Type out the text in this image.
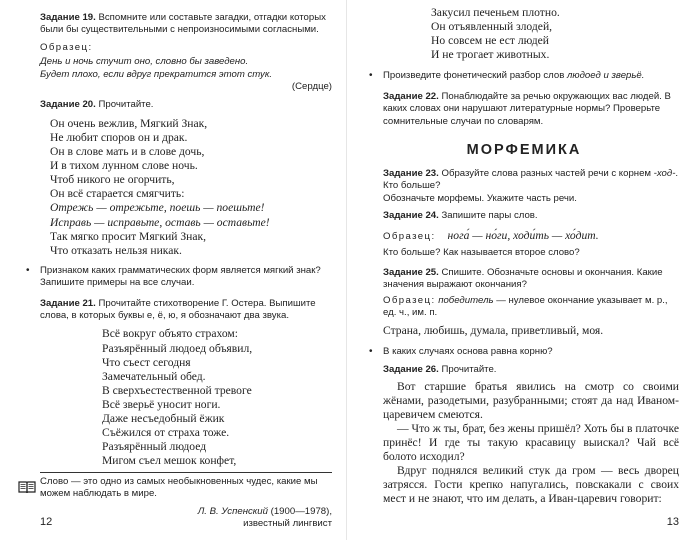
Задание 19. Вспомните или составьте загадки, отгадки которых были бы существительными с непроизносимыми согласными.
Образец:
День и ночь стучит оно, словно бы заведено.
Будет плохо, если вдруг прекратится этот стук.
(Сердце)
Задание 20. Прочитайте.
Он очень вежлив, Мягкий Знак,
Не любит споров он и драк.
Он в слове мать и в слове дочь,
И в тихом лунном слове ночь.
Чтоб никого не огорчить,
Он всё старается смягчить:
Отрежь — отрежьте, поешь — поешьте!
Исправь — исправьте, оставь — оставьте!
Так мягко просит Мягкий Знак,
Что отказать нельзя никак.
• Признаком каких грамматических форм является мягкий знак? Запишите примеры на все случаи.
Задание 21. Прочитайте стихотворение Г. Остера. Выпишите слова, в которых буквы е, ё, ю, я обозначают два звука.
Всё вокруг объято страхом:
Разъярённый людоед объявил,
Что съест сегодня
Замечательный обед.
В сверхъестественной тревоге
Всё зверьё уносит ноги.
Даже несъедобный ёжик
Съёжился от страха тоже.
Разъярённый людоед
Мигом съел мешок конфет,
Слово — это одно из самых необыкновенных чудес, какие мы можем наблюдать в мире.
Л. В. Успенский (1900—1978),
известный лингвист
12
Закусил печеньем плотно.
Он отъявленный злодей,
Но совсем не ест людей
И не трогает животных.
• Произведите фонетический разбор слов людоед и зверьё.
Задание 22. Понаблюдайте за речью окружающих вас людей. В каких словах они нарушают литературные нормы? Проверьте сомнительные случаи по словарям.
МОРФЕМИКА
Задание 23. Образуйте слова разных частей речи с корнем -ход-. Кто больше?
Обозначьте морфемы. Укажите часть речи.
Задание 24. Запишите пары слов.
Образец: нога́ — но́ги, ходи́ть — хо́дит.
Кто больше? Как называется второе слово?
Задание 25. Спишите. Обозначьте основы и окончания. Какие значения выражают окончания?
Образец: победитель — нулевое окончание указывает м. р., ед. ч., им. п.
Страна, любишь, думала, приветливый, моя.
• В каких случаях основа равна корню?
Задание 26. Прочитайте.
Вот старшие братья явились на смотр со своими жёнами, разодетыми, разубранными; стоят да над Иваном-царевичем смеются.
— Что ж ты, брат, без жены пришёл? Хоть бы в платочке принёс! И где ты такую красавицу выискал? Чай всё болото исходил?
Вдруг поднялся великий стук да гром — весь дворец затрясся. Гости крепко напугались, повскакали с своих мест и не знают, что им делать, а Иван-царевич говорит:
13
